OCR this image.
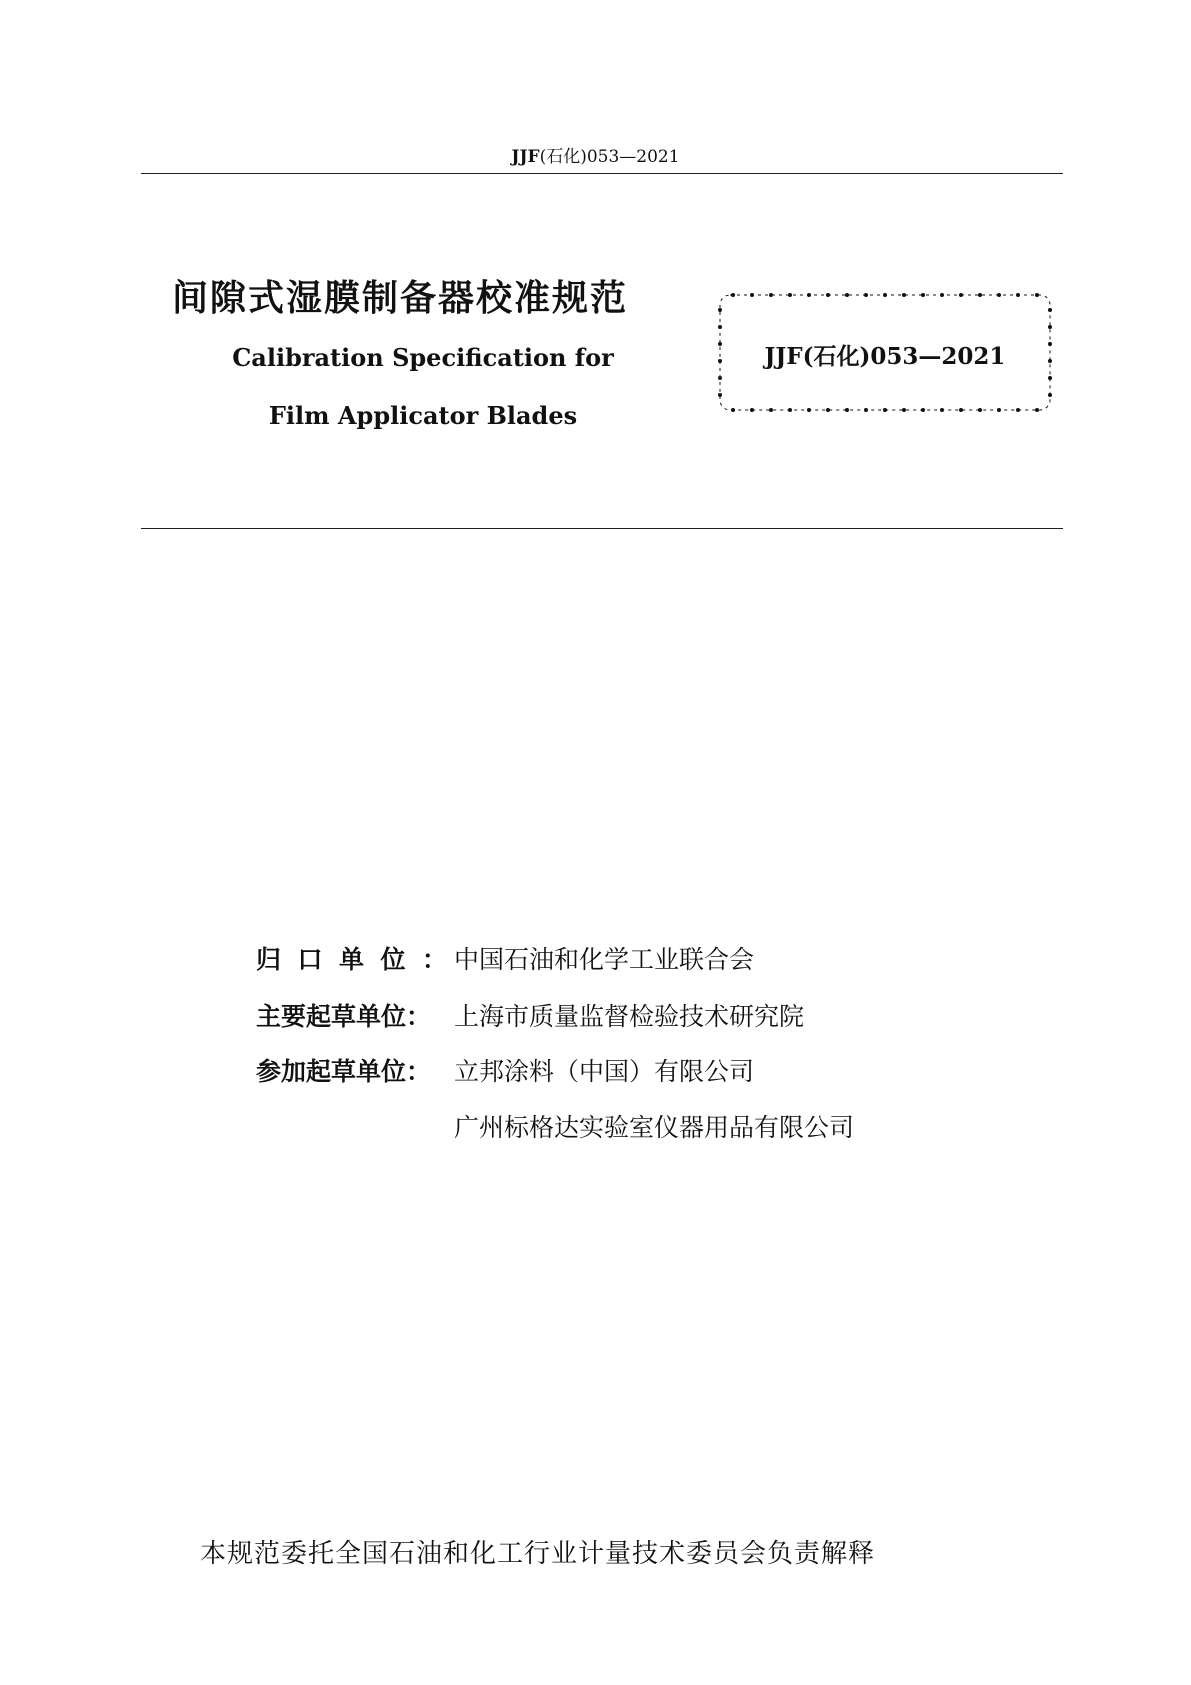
JJF(石化)053—2021
间隙式湿膜制备器校准规范
Calibration Specification for
Film Applicator Blades
JJF(石化)053—2021
归口单位：中国石油和化学工业联合会
主要起草单位： 上海市质量监督检验技术研究院
参加起草单位： 立邦涂料（中国）有限公司
广州标格达实验室仪器用品有限公司
本规范委托全国石油和化工行业计量技术委员会负责解释
